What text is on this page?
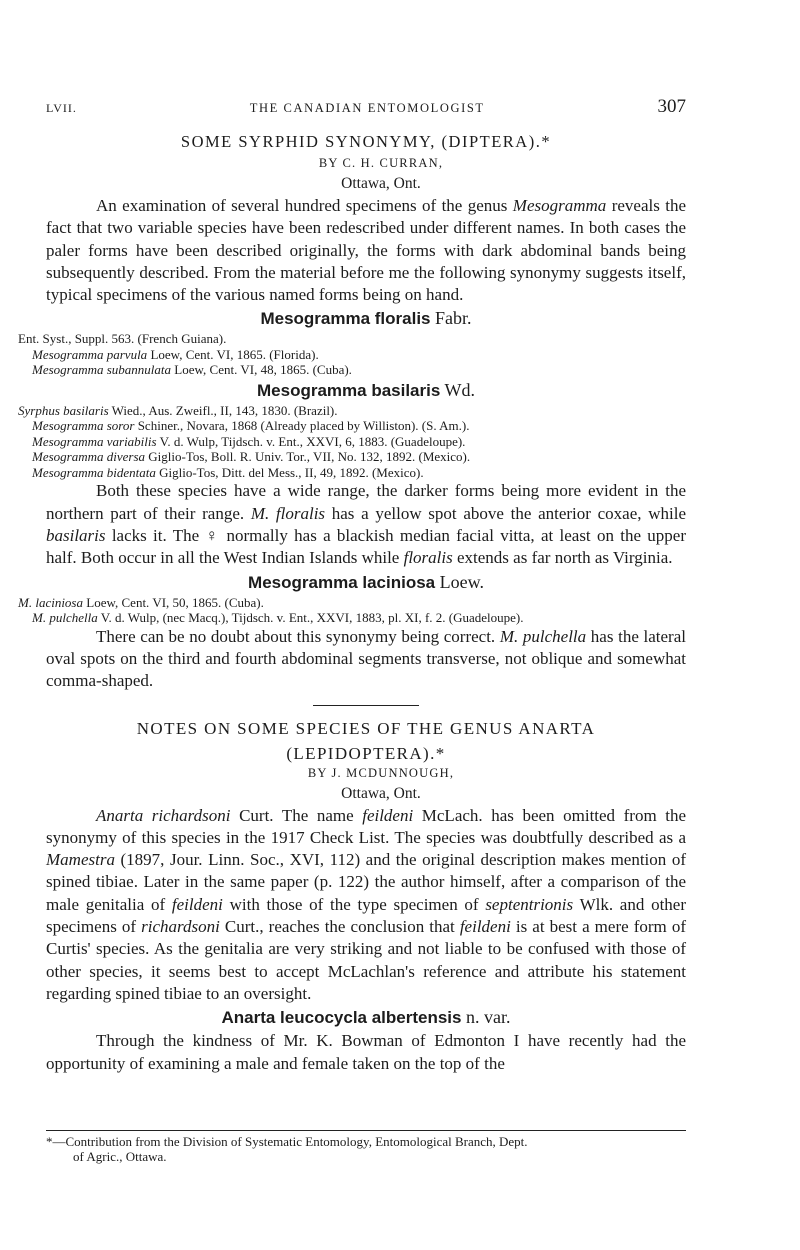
LVII.	THE CANADIAN ENTOMOLOGIST	307

SOME SYRPHID SYNONYMY, (DIPTERA).*

BY C. H. CURRAN,

Ottawa, Ont.

An examination of several hundred specimens of the genus Mesogramma reveals the fact that two variable species have been redescribed under different names. In both cases the paler forms have been described originally, the forms with dark abdominal bands being subsequently described. From the material before me the following synonymy suggests itself, typical specimens of the various named forms being on hand.

Mesogramma floralis Fabr.

Ent. Syst., Suppl. 563. (French Guiana).
Mesogramma parvula Loew, Cent. VI, 1865. (Florida).
Mesogramma subannulata Loew, Cent. VI, 48, 1865. (Cuba).

Mesogramma basilaris Wd.

Syrphus basilaris Wied., Aus. Zweifl., II, 143, 1830. (Brazil).
Mesogramma soror Schiner., Novara, 1868 (Already placed by Williston). (S. Am.).
Mesogramma variabilis V. d. Wulp, Tijdsch. v. Ent., XXVI, 6, 1883. (Guadeloupe).
Mesogramma diversa Giglio-Tos, Boll. R. Univ. Tor., VII, No. 132, 1892. (Mexico).
Mesogramma bidentata Giglio-Tos, Ditt. del Mess., II, 49, 1892. (Mexico).

Both these species have a wide range, the darker forms being more evident in the northern part of their range. M. floralis has a yellow spot above the anterior coxae, while basilaris lacks it. The ♀ normally has a blackish median facial vitta, at least on the upper half. Both occur in all the West Indian Islands while floralis extends as far north as Virginia.

Mesogramma laciniosa Loew.

M. laciniosa Loew, Cent. VI, 50, 1865. (Cuba).
M. pulchella V. d. Wulp, (nec Macq.), Tijdsch. v. Ent., XXVI, 1883, pl. XI, f. 2. (Guadeloupe).

There can be no doubt about this synonymy being correct. M. pulchella has the lateral oval spots on the third and fourth abdominal segments transverse, not oblique and somewhat comma-shaped.

NOTES ON SOME SPECIES OF THE GENUS ANARTA

(LEPIDOPTERA).*

BY J. MCDUNNOUGH,

Ottawa, Ont.

Anarta richardsoni Curt. The name feildeni McLach. has been omitted from the synonymy of this species in the 1917 Check List. The species was doubtfully described as a Mamestra (1897, Jour. Linn. Soc., XVI, 112) and the original description makes mention of spined tibiae. Later in the same paper (p. 122) the author himself, after a comparison of the male genitalia of feildeni with those of the type specimen of septentrionis Wlk. and other specimens of richardsoni Curt., reaches the conclusion that feildeni is at best a mere form of Curtis' species. As the genitalia are very striking and not liable to be confused with those of other species, it seems best to accept McLachlan's reference and attribute his statement regarding spined tibiae to an oversight.

Anarta leucocycla albertensis n. var.

Through the kindness of Mr. K. Bowman of Edmonton I have recently had the opportunity of examining a male and female taken on the top of the

*—Contribution from the Division of Systematic Entomology, Entomological Branch, Dept.
of Agric., Ottawa.
